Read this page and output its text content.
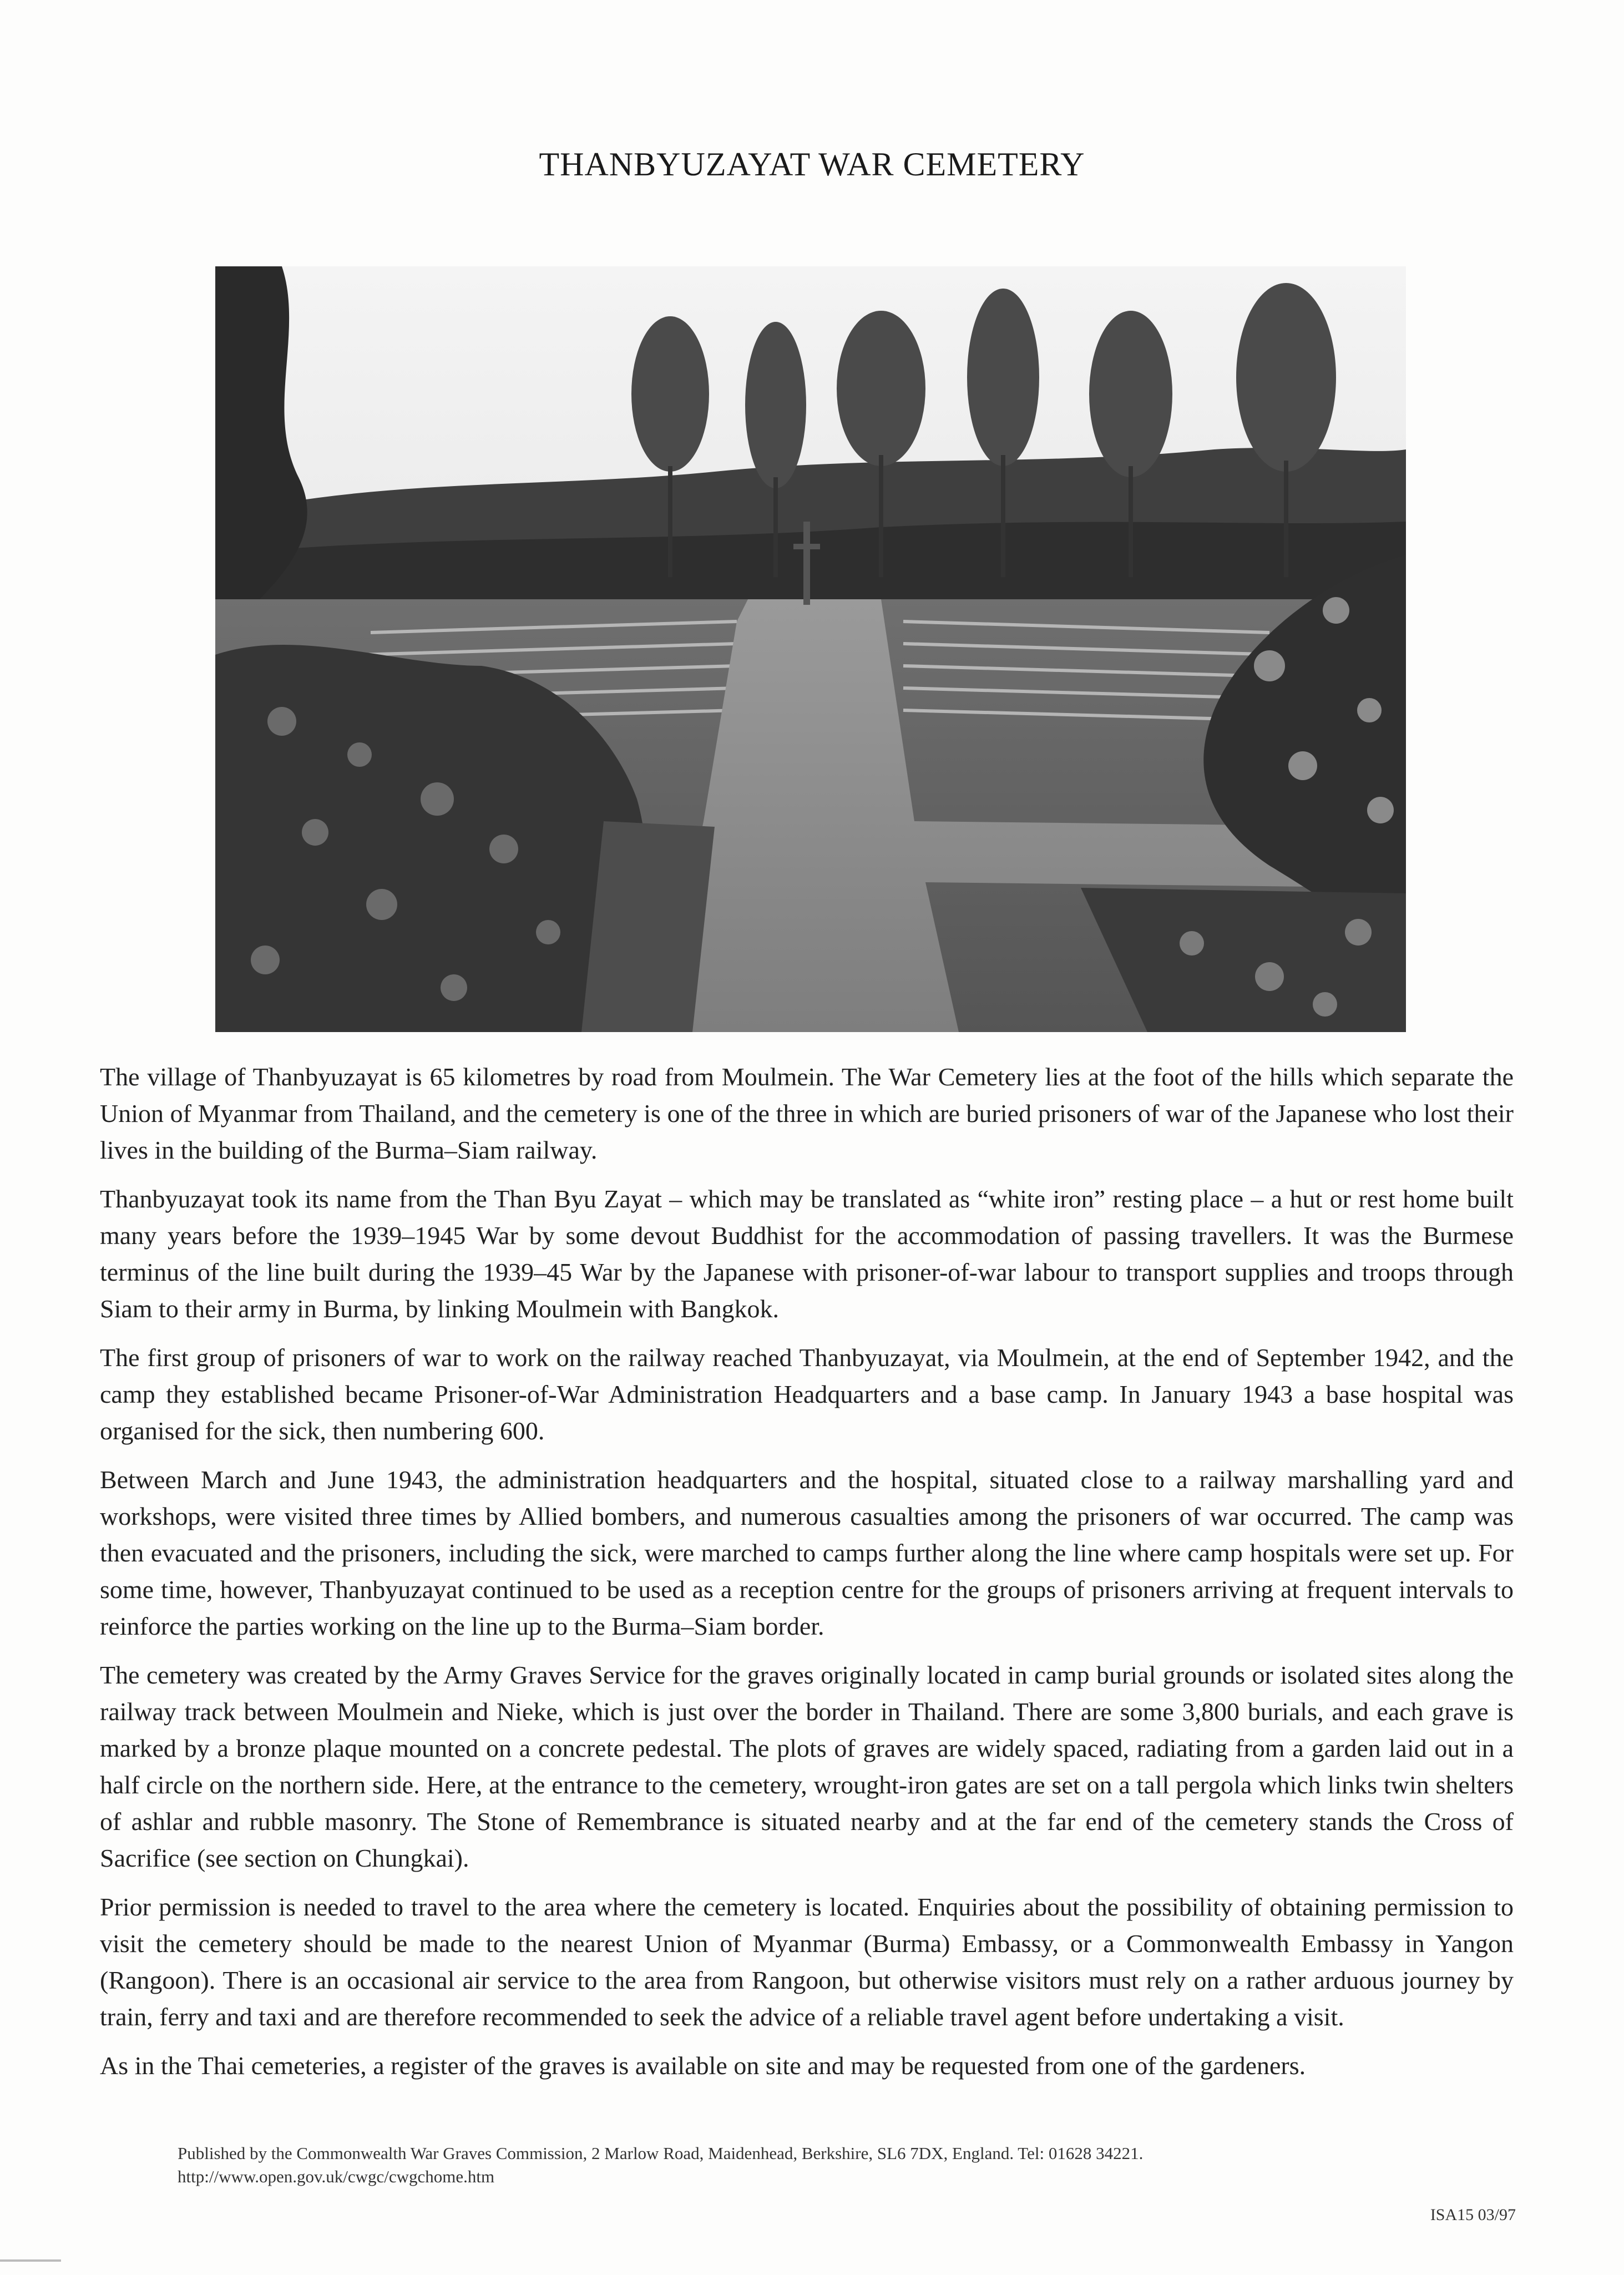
THANBYUZAYAT WAR CEMETERY

The village of Thanbyuzayat is 65 kilometres by road from Moulmein. The War Cemetery lies at the foot of the hills which separate the Union of Myanmar from Thailand, and the cemetery is one of the three in which are buried prisoners of war of the Japanese who lost their lives in the building of the Burma–Siam railway.

Thanbyuzayat took its name from the Than Byu Zayat – which may be translated as “white iron” resting place – a hut or rest home built many years before the 1939–1945 War by some devout Buddhist for the accommodation of passing travellers. It was the Burmese terminus of the line built during the 1939–45 War by the Japanese with prisoner-of-war labour to transport supplies and troops through Siam to their army in Burma, by linking Moulmein with Bangkok.

The first group of prisoners of war to work on the railway reached Thanbyuzayat, via Moulmein, at the end of September 1942, and the camp they established became Prisoner-of-War Administration Headquarters and a base camp. In January 1943 a base hospital was organised for the sick, then numbering 600.

Between March and June 1943, the administration headquarters and the hospital, situated close to a railway marshalling yard and workshops, were visited three times by Allied bombers, and numerous casualties among the prisoners of war occurred. The camp was then evacuated and the prisoners, including the sick, were marched to camps further along the line where camp hospitals were set up. For some time, however, Thanbyuzayat continued to be used as a reception centre for the groups of prisoners arriving at frequent intervals to reinforce the parties working on the line up to the Burma–Siam border.

The cemetery was created by the Army Graves Service for the graves originally located in camp burial grounds or isolated sites along the railway track between Moulmein and Nieke, which is just over the border in Thailand. There are some 3,800 burials, and each grave is marked by a bronze plaque mounted on a concrete pedestal. The plots of graves are widely spaced, radiating from a garden laid out in a half circle on the northern side. Here, at the entrance to the cemetery, wrought-iron gates are set on a tall pergola which links twin shelters of ashlar and rubble masonry. The Stone of Remembrance is situated nearby and at the far end of the cemetery stands the Cross of Sacrifice (see section on Chungkai).

Prior permission is needed to travel to the area where the cemetery is located. Enquiries about the possibility of obtaining permission to visit the cemetery should be made to the nearest Union of Myanmar (Burma) Embassy, or a Commonwealth Embassy in Yangon (Rangoon). There is an occasional air service to the area from Rangoon, but otherwise visitors must rely on a rather arduous journey by train, ferry and taxi and are therefore recommended to seek the advice of a reliable travel agent before undertaking a visit.

As in the Thai cemeteries, a register of the graves is available on site and may be requested from one of the gardeners.

Published by the Commonwealth War Graves Commission, 2 Marlow Road, Maidenhead, Berkshire, SL6 7DX, England. Tel: 01628 34221.
http://www.open.gov.uk/cwgc/cwgchome.htm
ISA15 03/97
